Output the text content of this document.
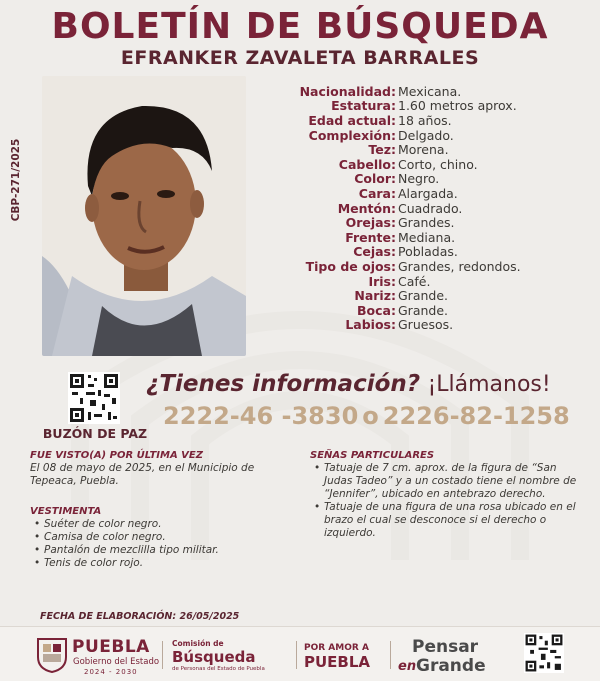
BOLETÍN DE BÚSQUEDA
EFRANKER ZAVALETA BARRALES
CBP-271/2025
Nacionalidad: Mexicana.
Estatura: 1.60 metros aprox.
Edad actual: 18 años.
Complexión: Delgado.
Tez: Morena.
Cabello: Corto, chino.
Color: Negro.
Cara: Alargada.
Mentón: Cuadrado.
Orejas: Grandes.
Frente: Mediana.
Cejas: Pobladas.
Tipo de ojos: Grandes, redondos.
Iris: Café.
Nariz: Grande.
Boca: Grande.
Labios: Gruesos.
BUZÓN DE PAZ
¿Tienes información? ¡Llámanos!
2222-46 -3830 o 2226-82-1258
FUE VISTO(A) POR ÚLTIMA VEZ
El 08 de mayo de 2025, en el Municipio de Tepeaca, Puebla.
VESTIMENTA
• Suéter de color negro.
• Camisa de color negro.
• Pantalón de mezclilla tipo militar.
• Tenis de color rojo.
SEÑAS PARTICULARES
• Tatuaje de 7 cm. aprox. de la figura de “San Judas Tadeo” y a un costado tiene el nombre de “Jennifer”, ubicado en antebrazo derecho.
• Tatuaje de una figura de una rosa ubicado en el brazo el cual se desconoce si el derecho o izquierdo.
FECHA DE ELABORACIÓN: 26/05/2025
PUEBLA
Gobierno del Estado
2024 - 2030
Comisión de
Búsqueda
de Personas del Estado de Puebla
POR AMOR A
PUEBLA
Pensar
en Grande
